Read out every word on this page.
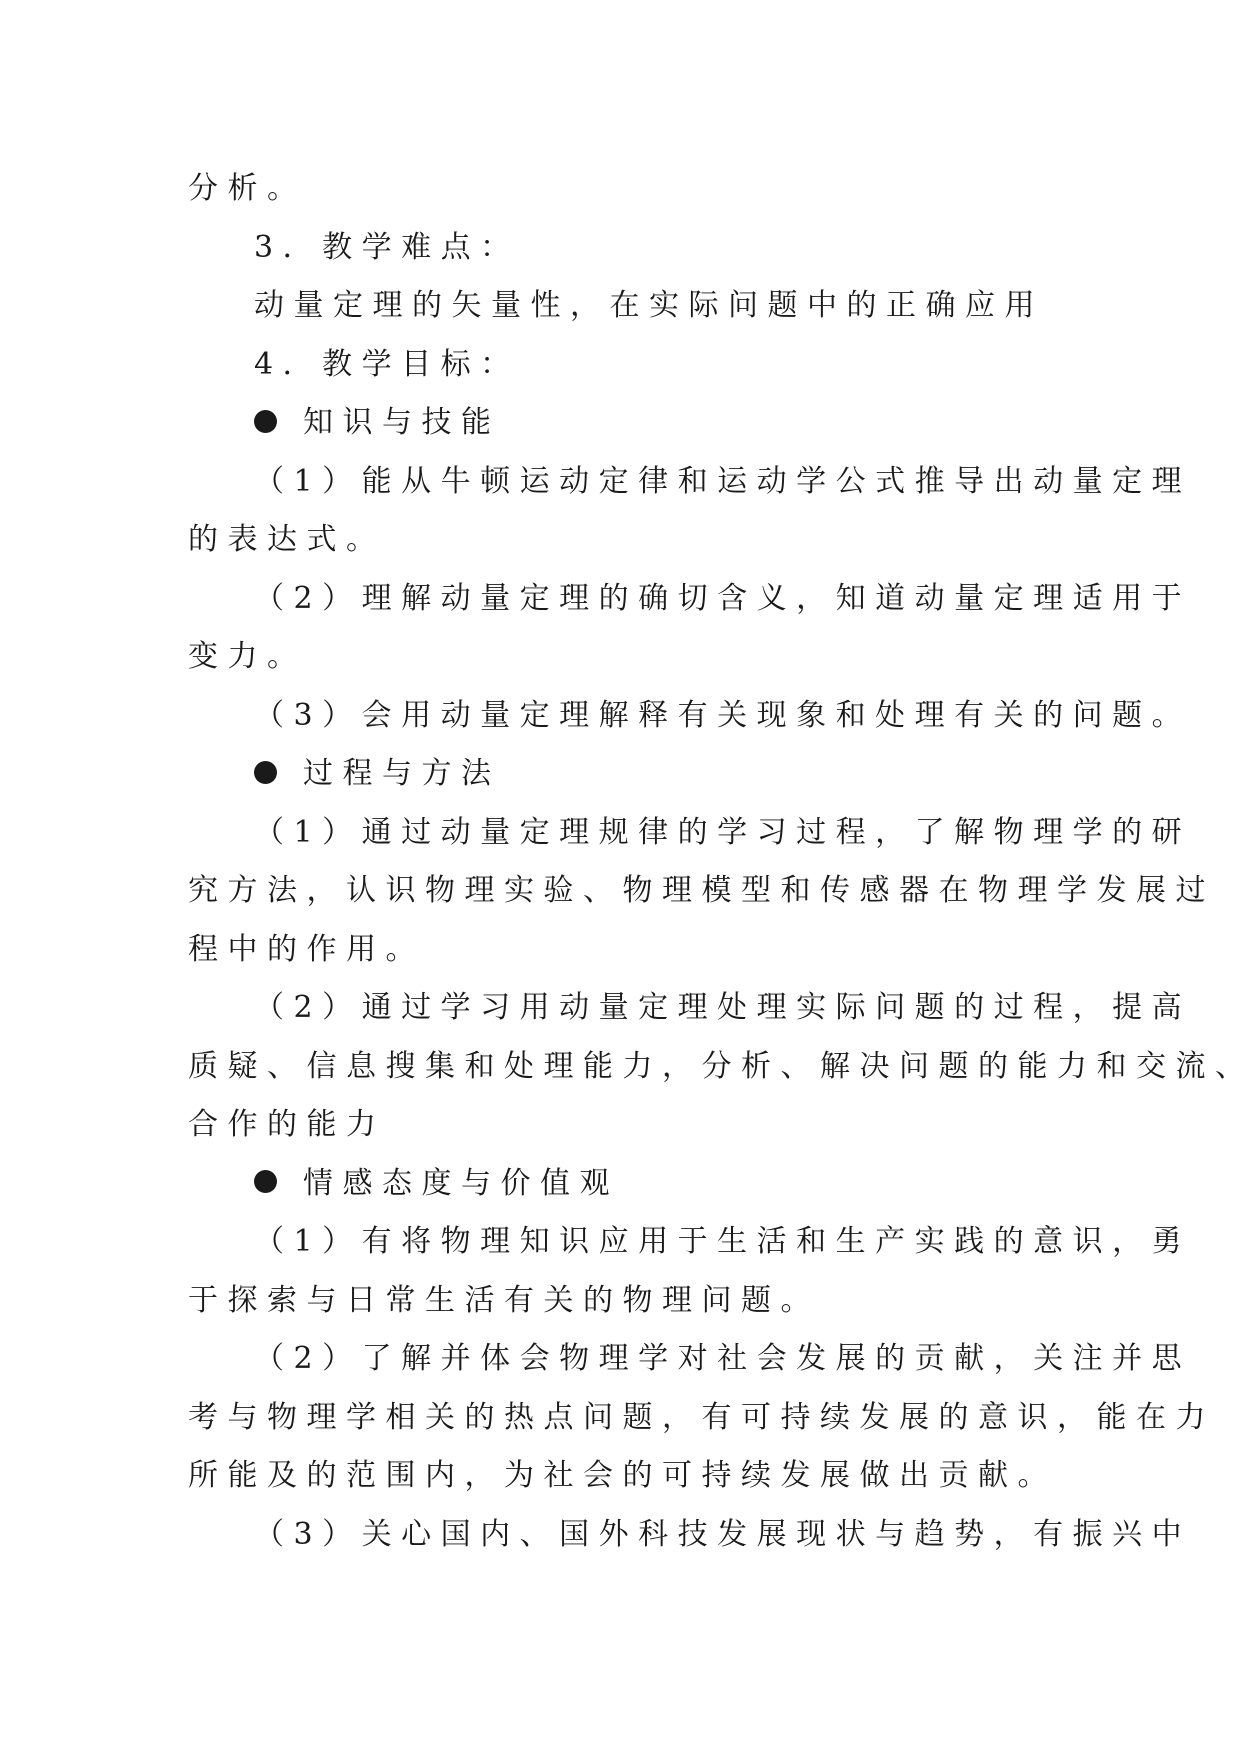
分析。
3．教学难点：
动量定理的矢量性，在实际问题中的正确应用
4．教学目标：
知识与技能
（1）能从牛顿运动定律和运动学公式推导出动量定理
的表达式。
（2）理解动量定理的确切含义，知道动量定理适用于
变力。
（3）会用动量定理解释有关现象和处理有关的问题。
过程与方法
（1）通过动量定理规律的学习过程，了解物理学的研
究方法，认识物理实验、物理模型和传感器在物理学发展过
程中的作用。
（2）通过学习用动量定理处理实际问题的过程，提高
质疑、信息搜集和处理能力，分析、解决问题的能力和交流、
合作的能力
情感态度与价值观
（1）有将物理知识应用于生活和生产实践的意识，勇
于探索与日常生活有关的物理问题。
（2）了解并体会物理学对社会发展的贡献，关注并思
考与物理学相关的热点问题，有可持续发展的意识，能在力
所能及的范围内，为社会的可持续发展做出贡献。
（3）关心国内、国外科技发展现状与趋势，有振兴中
